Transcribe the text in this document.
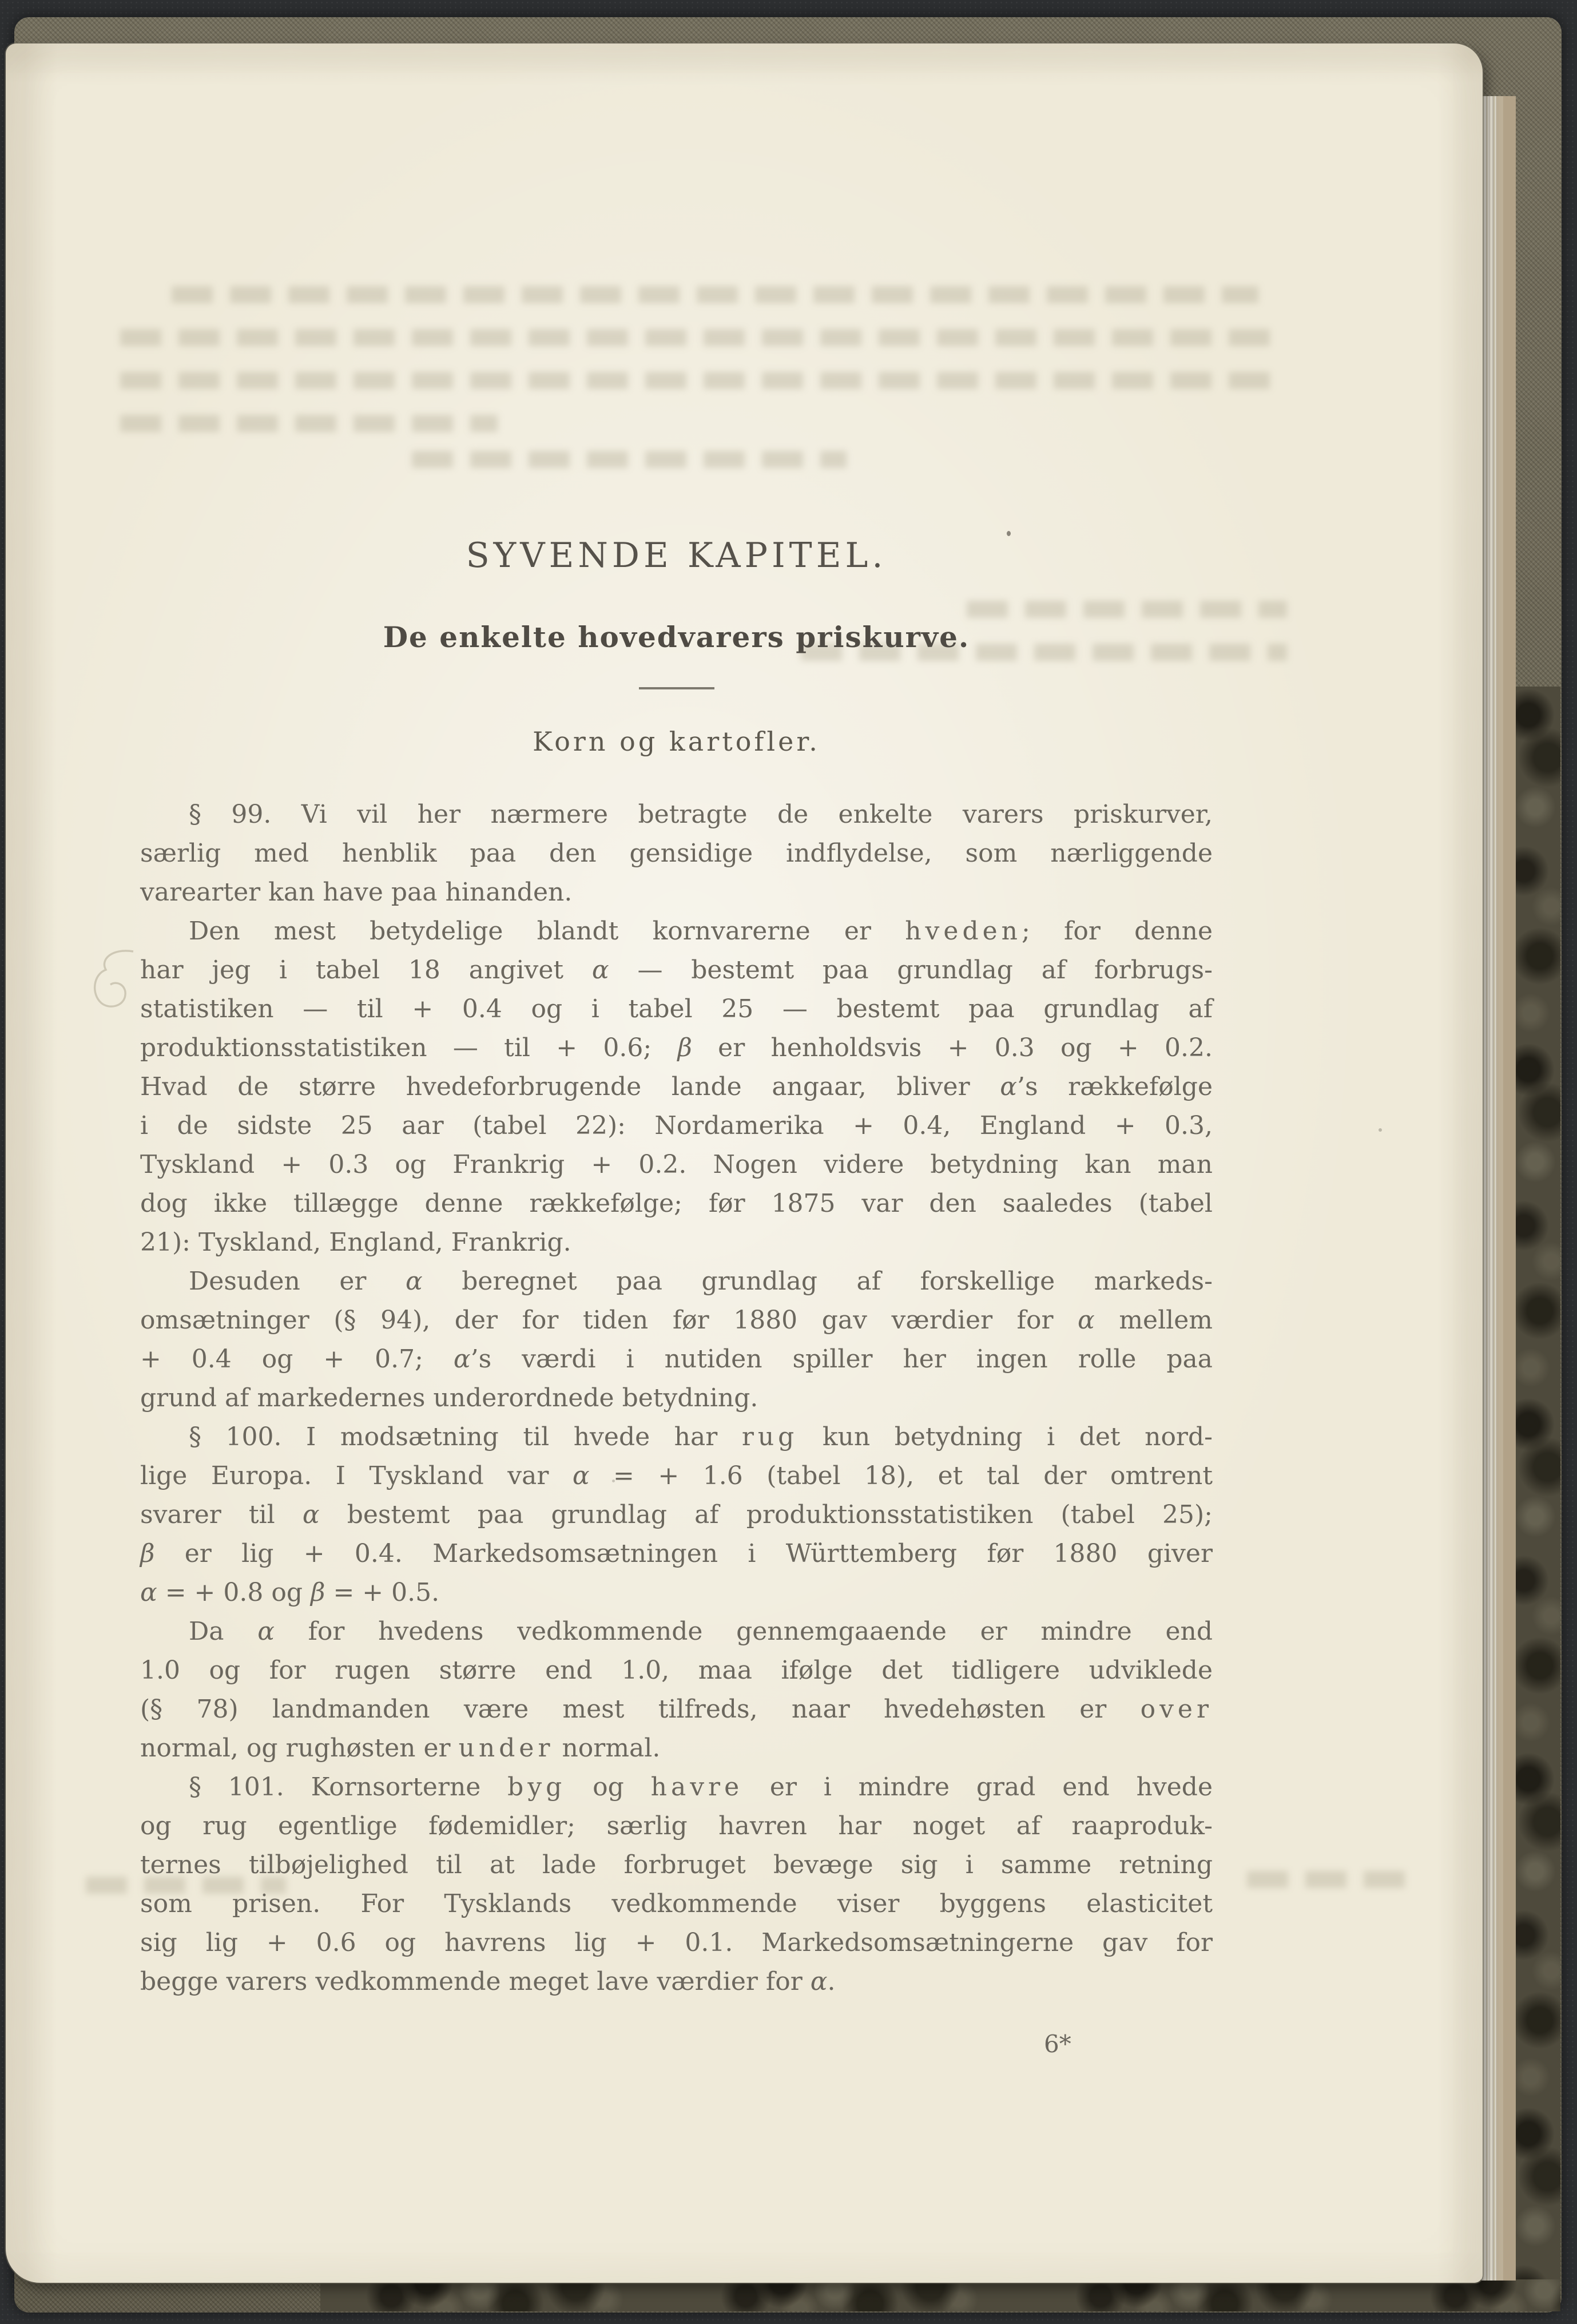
SYVENDE KAPITEL.
De enkelte hovedvarers priskurve.
Korn og kartofler.
§ 99. Vi vil her nærmere betragte de enkelte varers priskurver,
særlig med henblik paa den gensidige indflydelse, som nærliggende
varearter kan have paa hinanden.
Den mest betydelige blandt kornvarerne er hveden; for denne
har jeg i tabel 18 angivet α — bestemt paa grundlag af forbrugs-
statistiken — til + 0.4 og i tabel 25 — bestemt paa grundlag af
produktionsstatistiken — til + 0.6; β er henholdsvis + 0.3 og + 0.2.
Hvad de større hvedeforbrugende lande angaar, bliver α’s rækkefølge
i de sidste 25 aar (tabel 22): Nordamerika + 0.4, England + 0.3,
Tyskland + 0.3 og Frankrig + 0.2. Nogen videre betydning kan man
dog ikke tillægge denne rækkefølge; før 1875 var den saaledes (tabel
21): Tyskland, England, Frankrig.
Desuden er α beregnet paa grundlag af forskellige markeds-
omsætninger (§ 94), der for tiden før 1880 gav værdier for α mellem
+ 0.4 og + 0.7; α’s værdi i nutiden spiller her ingen rolle paa
grund af markedernes underordnede betydning.
§ 100. I modsætning til hvede har rug kun betydning i det nord-
lige Europa. I Tyskland var α = + 1.6 (tabel 18), et tal der omtrent
svarer til α bestemt paa grundlag af produktionsstatistiken (tabel 25);
β er lig + 0.4. Markedsomsætningen i Württemberg før 1880 giver
α = + 0.8 og β = + 0.5.
Da α for hvedens vedkommende gennemgaaende er mindre end
1.0 og for rugen større end 1.0, maa ifølge det tidligere udviklede
(§ 78) landmanden være mest tilfreds, naar hvedehøsten er over
normal, og rughøsten er under normal.
§ 101. Kornsorterne byg og havre er i mindre grad end hvede
og rug egentlige fødemidler; særlig havren har noget af raaproduk-
ternes tilbøjelighed til at lade forbruget bevæge sig i samme retning
som prisen. For Tysklands vedkommende viser byggens elasticitet
sig lig + 0.6 og havrens lig + 0.1. Markedsomsætningerne gav for
begge varers vedkommende meget lave værdier for α.
6*
